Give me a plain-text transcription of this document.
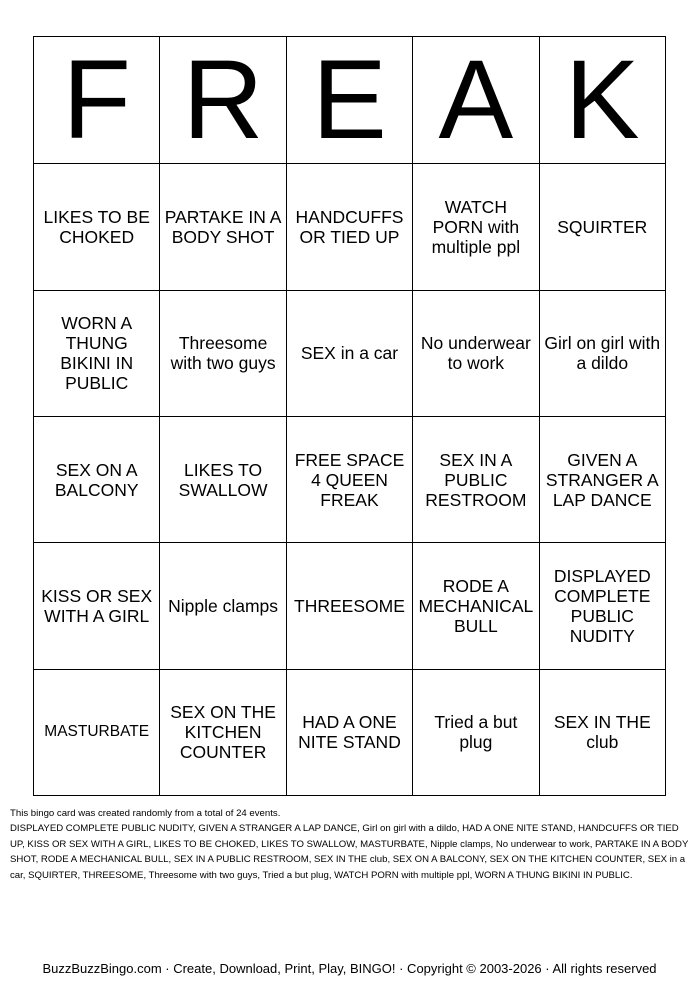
F	R	E	A	K
LIKES TO BE CHOKED	PARTAKE IN A BODY SHOT	HANDCUFFS OR TIED UP	WATCH PORN with multiple ppl	SQUIRTER
WORN A THUNG BIKINI IN PUBLIC	Threesome with two guys	SEX in a car	No underwear to work	Girl on girl with a dildo
SEX ON A BALCONY	LIKES TO SWALLOW	FREE SPACE 4 QUEEN FREAK	SEX IN A PUBLIC RESTROOM	GIVEN A STRANGER A LAP DANCE
KISS OR SEX WITH A GIRL	Nipple clamps	THREESOME	RODE A MECHANICAL BULL	DISPLAYED COMPLETE PUBLIC NUDITY
MASTURBATE	SEX ON THE KITCHEN COUNTER	HAD A ONE NITE STAND	Tried a but plug	SEX IN THE club
This bingo card was created randomly from a total of 24 events.
DISPLAYED COMPLETE PUBLIC NUDITY, GIVEN A STRANGER A LAP DANCE, Girl on girl with a dildo, HAD A ONE NITE STAND, HANDCUFFS OR TIED UP, KISS OR SEX WITH A GIRL, LIKES TO BE CHOKED, LIKES TO SWALLOW, MASTURBATE, Nipple clamps, No underwear to work, PARTAKE IN A BODY SHOT, RODE A MECHANICAL BULL, SEX IN A PUBLIC RESTROOM, SEX IN THE club, SEX ON A BALCONY, SEX ON THE KITCHEN COUNTER, SEX in a car, SQUIRTER, THREESOME, Threesome with two guys, Tried a but plug, WATCH PORN with multiple ppl, WORN A THUNG BIKINI IN PUBLIC.
BuzzBuzzBingo.com · Create, Download, Print, Play, BINGO! · Copyright © 2003-2026 · All rights reserved
